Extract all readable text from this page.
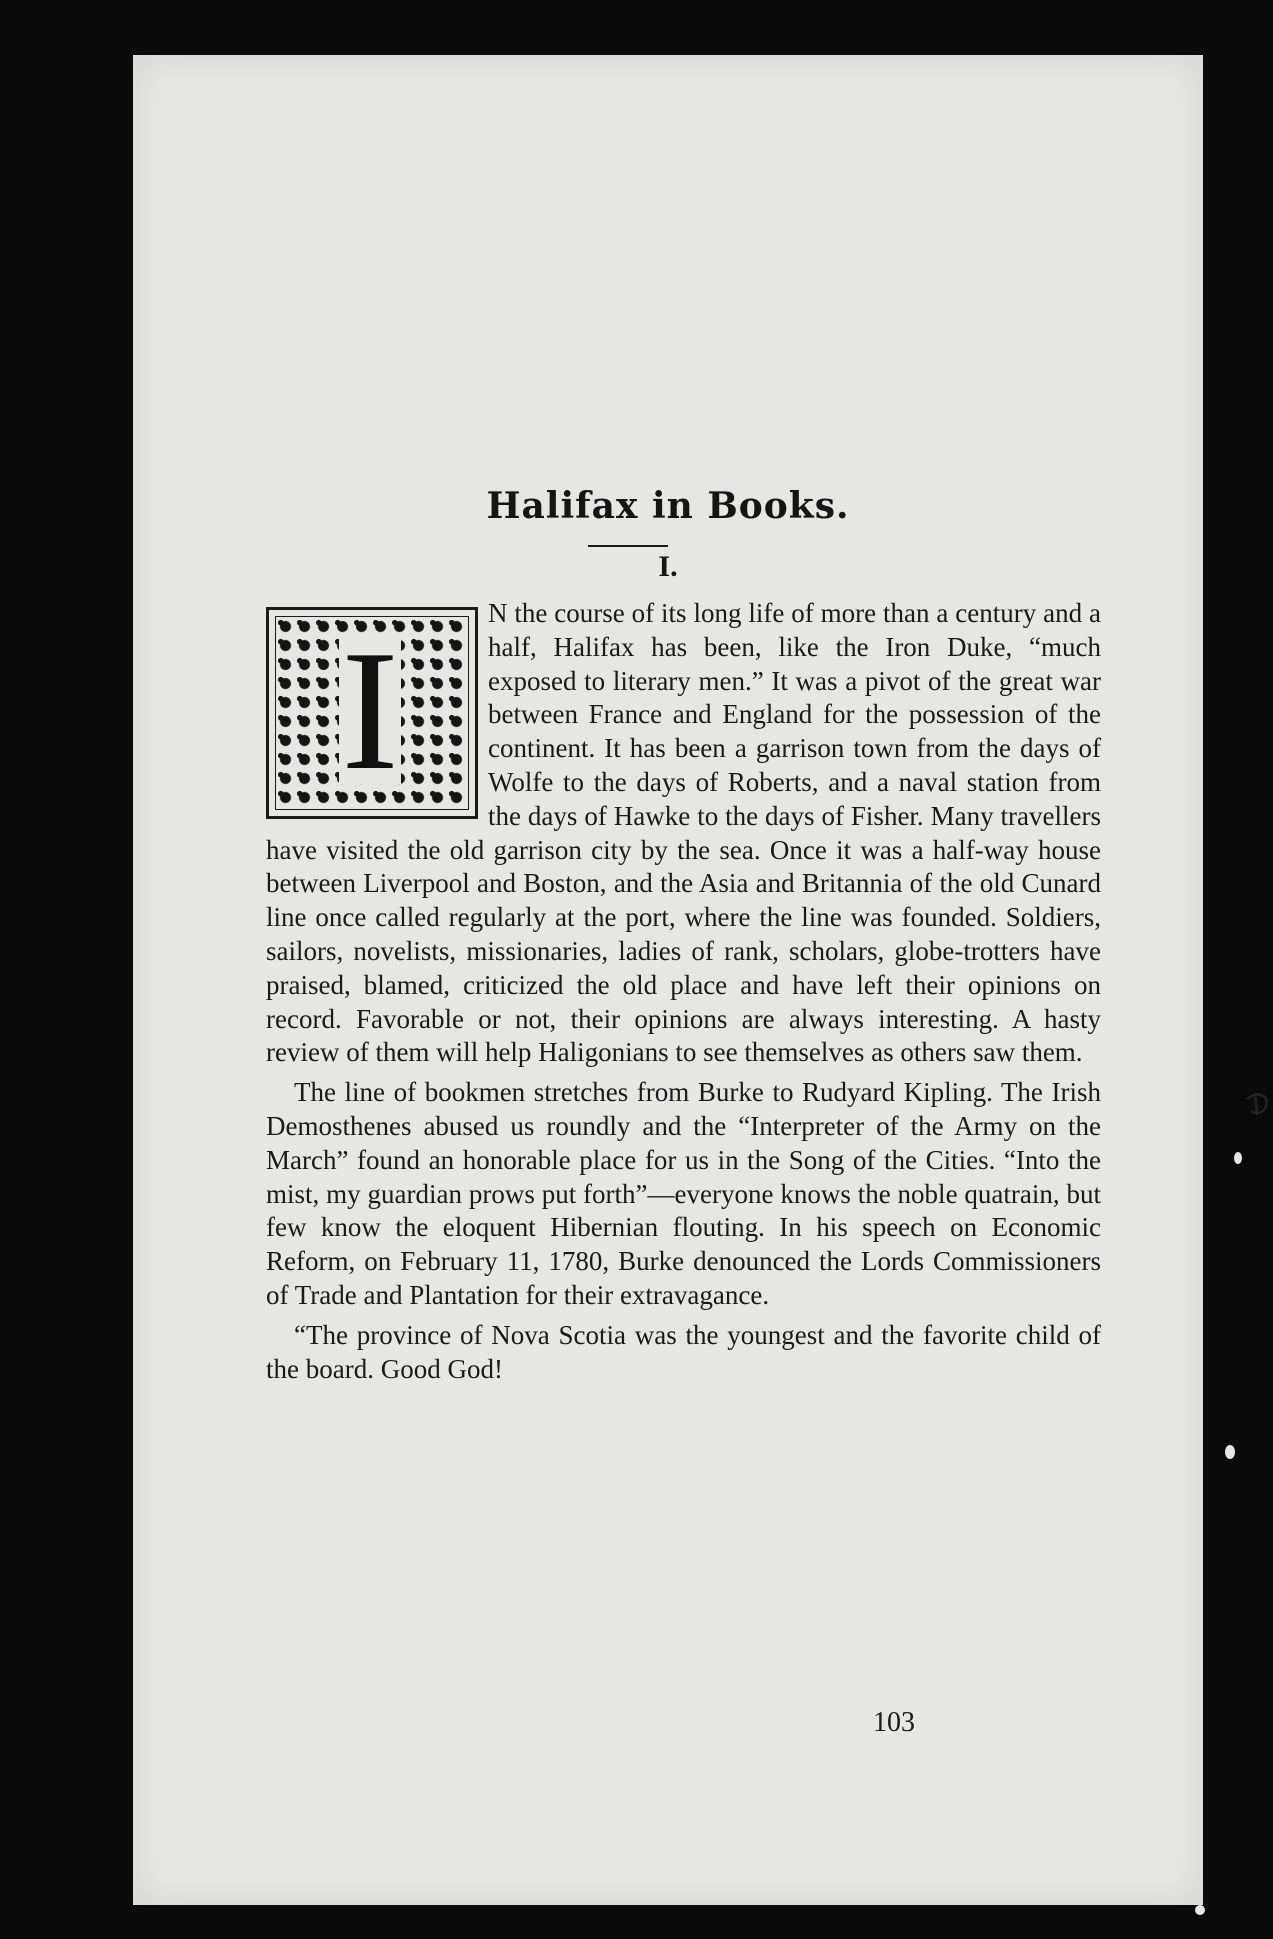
Halifax in Books.
I.

N the course of its long life of more than a century and a half, Halifax has been, like the Iron Duke, “much exposed to literary men.” It was a pivot of the great war between France and England for the possession of the continent. It has been a garrison town from the days of Wolfe to the days of Roberts, and a naval station from the days of Hawke to the days of Fisher. Many travellers have visited the old garrison city by the sea. Once it was a half-way house between Liverpool and Boston, and the Asia and Britannia of the old Cunard line once called regularly at the port, where the line was founded. Soldiers, sailors, novelists, missionaries, ladies of rank, scholars, globe-trotters have praised, blamed, criticized the old place and have left their opinions on record. Favorable or not, their opinions are always interesting. A hasty review of them will help Haligonians to see themselves as others saw them.

The line of bookmen stretches from Burke to Rudyard Kipling. The Irish Demosthenes abused us roundly and the “Interpreter of the Army on the March” found an honorable place for us in the Song of the Cities. “Into the mist, my guardian prows put forth”—everyone knows the noble quatrain, but few know the eloquent Hibernian flouting. In his speech on Economic Reform, on February 11, 1780, Burke denounced the Lords Commissioners of Trade and Plantation for their extravagance.

“The province of Nova Scotia was the youngest and the favorite child of the board. Good God!

I
103
